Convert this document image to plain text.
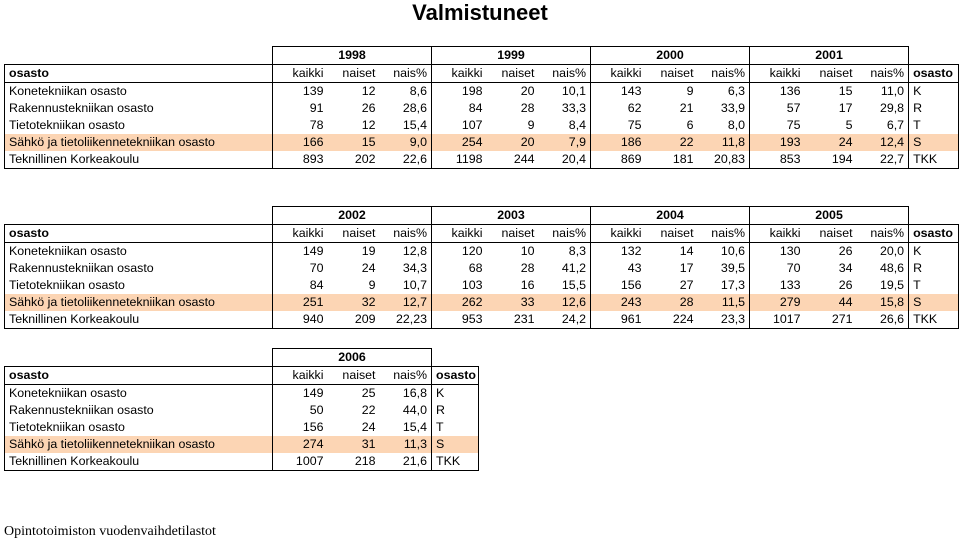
Valmistuneet
	1998			1999			2000			2001			
osasto	kaikki	naiset	nais%	kaikki	naiset	nais%	kaikki	naiset	nais%	kaikki	naiset	nais%	osasto
Konetekniikan osasto	139	12	8,6	198	20	10,1	143	9	6,3	136	15	11,0	K
Rakennustekniikan osasto	91	26	28,6	84	28	33,3	62	21	33,9	57	17	29,8	R
Tietotekniikan osasto	78	12	15,4	107	9	8,4	75	6	8,0	75	5	6,7	T
Sähkö ja tietoliikennetekniikan osasto	166	15	9,0	254	20	7,9	186	22	11,8	193	24	12,4	S
Teknillinen Korkeakoulu	893	202	22,6	1198	244	20,4	869	181	20,83	853	194	22,7	TKK
	2002			2003			2004			2005			
osasto	kaikki	naiset	nais%	kaikki	naiset	nais%	kaikki	naiset	nais%	kaikki	naiset	nais%	osasto
Konetekniikan osasto	149	19	12,8	120	10	8,3	132	14	10,6	130	26	20,0	K
Rakennustekniikan osasto	70	24	34,3	68	28	41,2	43	17	39,5	70	34	48,6	R
Tietotekniikan osasto	84	9	10,7	103	16	15,5	156	27	17,3	133	26	19,5	T
Sähkö ja tietoliikennetekniikan osasto	251	32	12,7	262	33	12,6	243	28	11,5	279	44	15,8	S
Teknillinen Korkeakoulu	940	209	22,23	953	231	24,2	961	224	23,3	1017	271	26,6	TKK
	2006			
osasto	kaikki	naiset	nais%	osasto
Konetekniikan osasto	149	25	16,8	K
Rakennustekniikan osasto	50	22	44,0	R
Tietotekniikan osasto	156	24	15,4	T
Sähkö ja tietoliikennetekniikan osasto	274	31	11,3	S
Teknillinen Korkeakoulu	1007	218	21,6	TKK
Opintotoimiston vuodenvaihdetilastot
